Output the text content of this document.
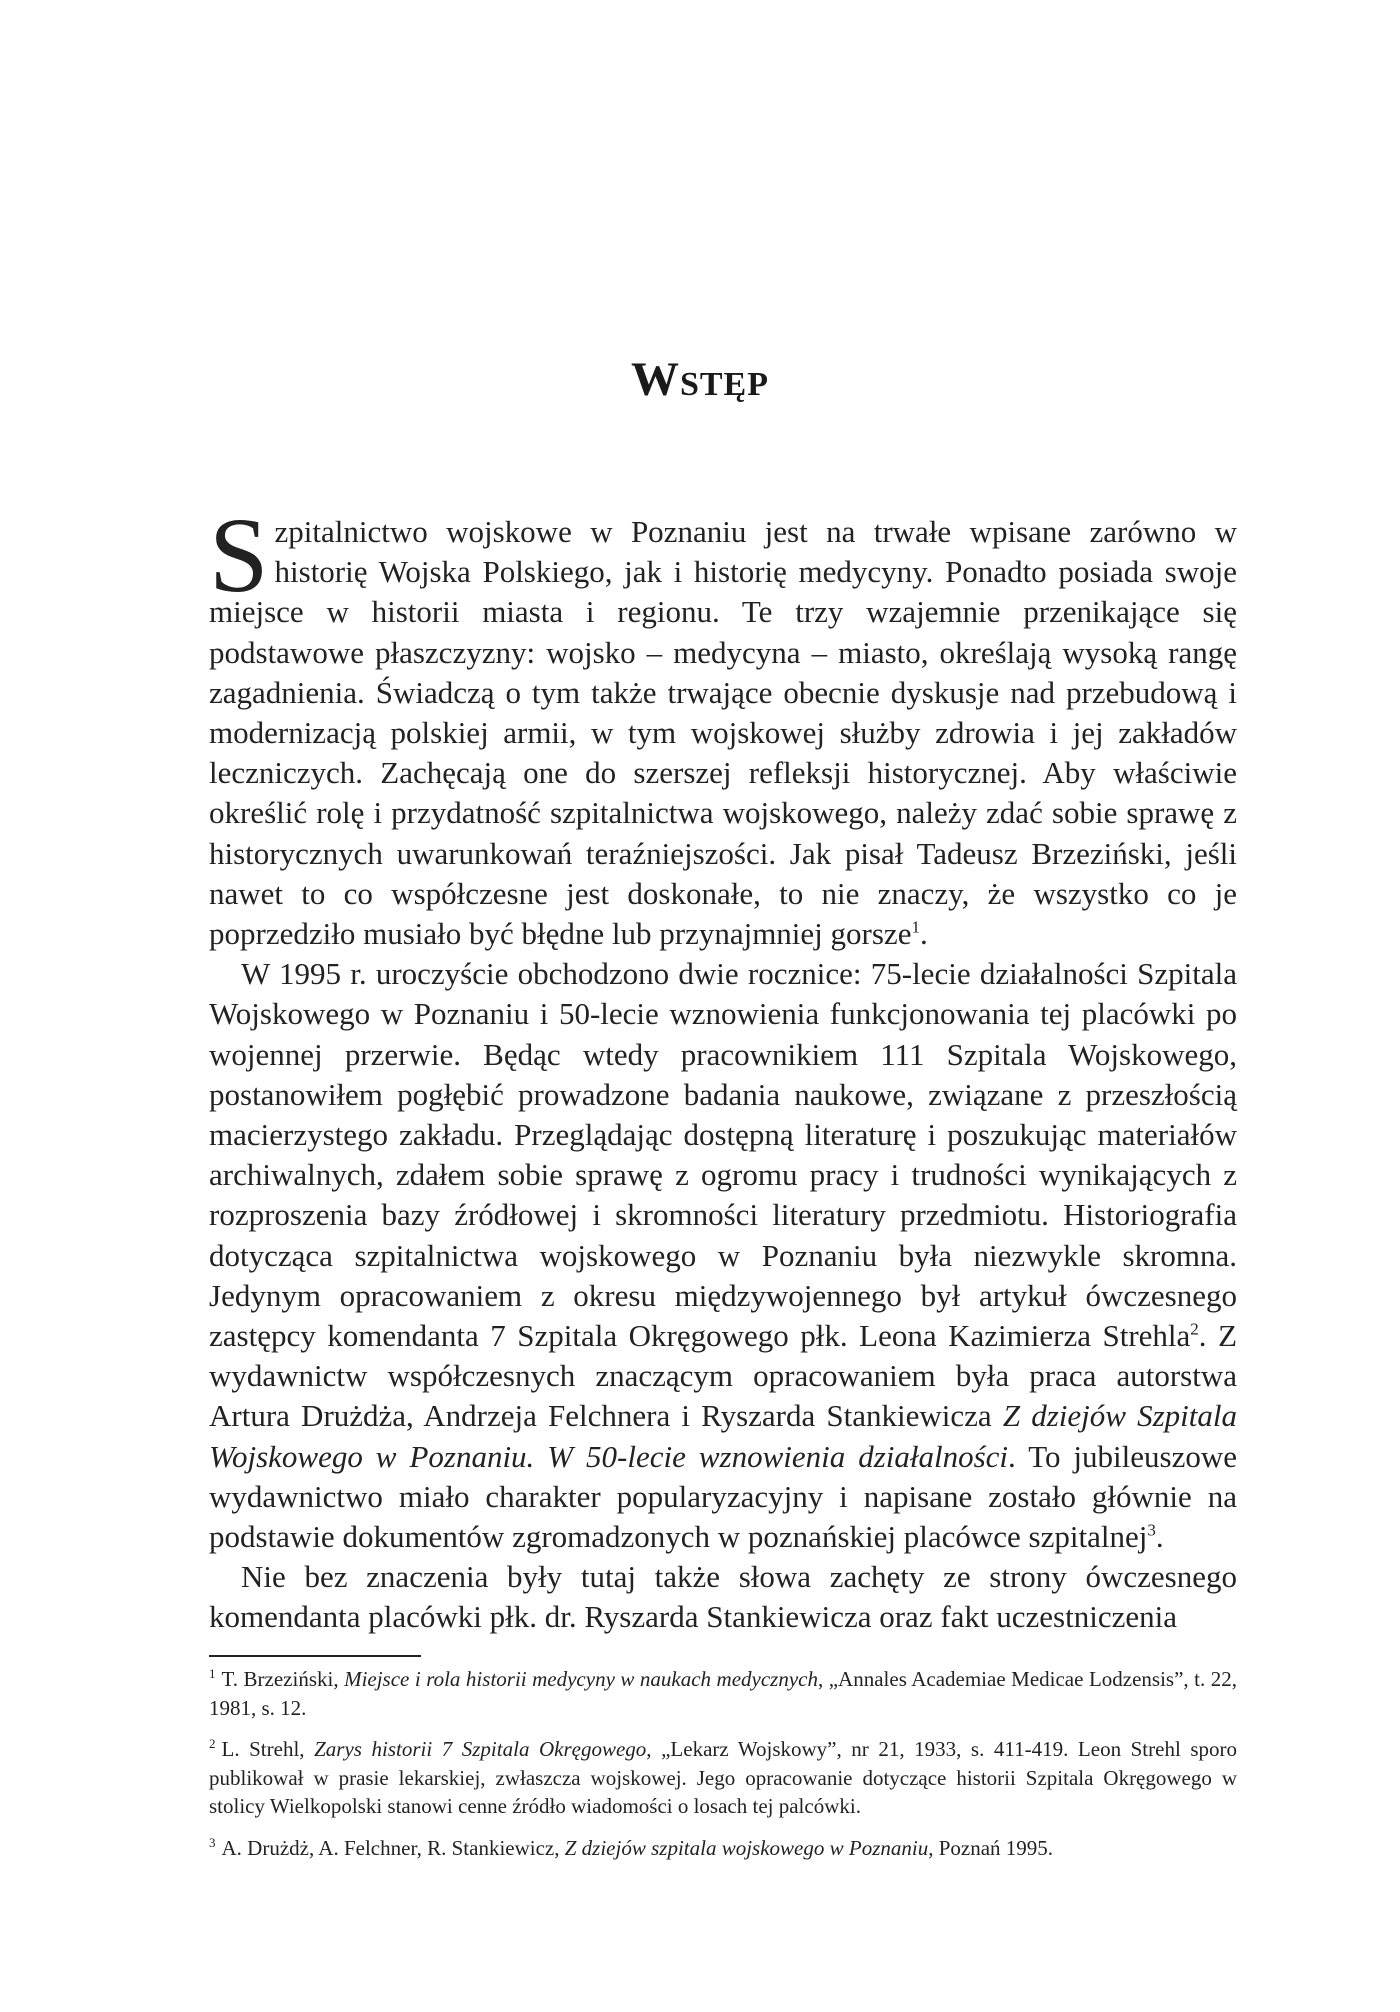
Wstęp

Szpitalnictwo wojskowe w Poznaniu jest na trwałe wpisane zarówno w historię Wojska Polskiego, jak i historię medycyny. Ponadto posiada swoje miejsce w historii miasta i regionu. Te trzy wzajemnie przenikające się podstawowe płaszczyzny: wojsko – medycyna – miasto, określają wysoką rangę zagadnienia. Świadczą o tym także trwające obecnie dyskusje nad przebudową i modernizacją polskiej armii, w tym wojskowej służby zdrowia i jej zakładów leczniczych. Zachęcają one do szerszej refleksji historycznej. Aby właściwie określić rolę i przydatność szpitalnictwa wojskowego, należy zdać sobie sprawę z historycznych uwarunkowań teraźniejszości. Jak pisał Tadeusz Brzeziński, jeśli nawet to co współczesne jest doskonałe, to nie znaczy, że wszystko co je poprzedziło musiało być błędne lub przynajmniej gorsze$^1$.

W 1995 r. uroczyście obchodzono dwie rocznice: 75-lecie działalności Szpitala Wojskowego w Poznaniu i 50-lecie wznowienia funkcjonowania tej placówki po wojennej przerwie. Będąc wtedy pracownikiem 111 Szpitala Wojskowego, postanowiłem pogłębić prowadzone badania naukowe, związane z przeszłością macierzystego zakładu. Przeglądając dostępną literaturę i poszukując materiałów archiwalnych, zdałem sobie sprawę z ogromu pracy i trudności wynikających z rozproszenia bazy źródłowej i skromności literatury przedmiotu. Historiografia dotycząca szpitalnictwa wojskowego w Poznaniu była niezwykle skromna. Jedynym opracowaniem z okresu międzywojennego był artykuł ówczesnego zastępcy komendanta 7 Szpitala Okręgowego płk. Leona Kazimierza Strehla$^2$. Z wydawnictw współczesnych znaczącym opracowaniem była praca autorstwa Artura Drużdża, Andrzeja Felchnera i Ryszarda Stankiewicza Z dziejów Szpitala Wojskowego w Poznaniu. W 50-lecie wznowienia działalności. To jubileuszowe wydawnictwo miało charakter popularyzacyjny i napisane zostało głównie na podstawie dokumentów zgromadzonych w poznańskiej placówce szpitalnej$^3$.

Nie bez znaczenia były tutaj także słowa zachęty ze strony ówczesnego komendanta placówki płk. dr. Ryszarda Stankiewicza oraz fakt uczestniczenia

$^1$ T. Brzeziński, Miejsce i rola historii medycyny w naukach medycznych, „Annales Academiae Medicae Lodzensis”, t. 22, 1981, s. 12.

$^2$ L. Strehl, Zarys historii 7 Szpitala Okręgowego, „Lekarz Wojskowy”, nr 21, 1933, s. 411-419. Leon Strehl sporo publikował w prasie lekarskiej, zwłaszcza wojskowej. Jego opracowanie dotyczące historii Szpitala Okręgowego w stolicy Wielkopolski stanowi cenne źródło wiadomości o losach tej palcówki.

$^3$ A. Drużdż, A. Felchner, R. Stankiewicz, Z dziejów szpitala wojskowego w Poznaniu, Poznań 1995.
